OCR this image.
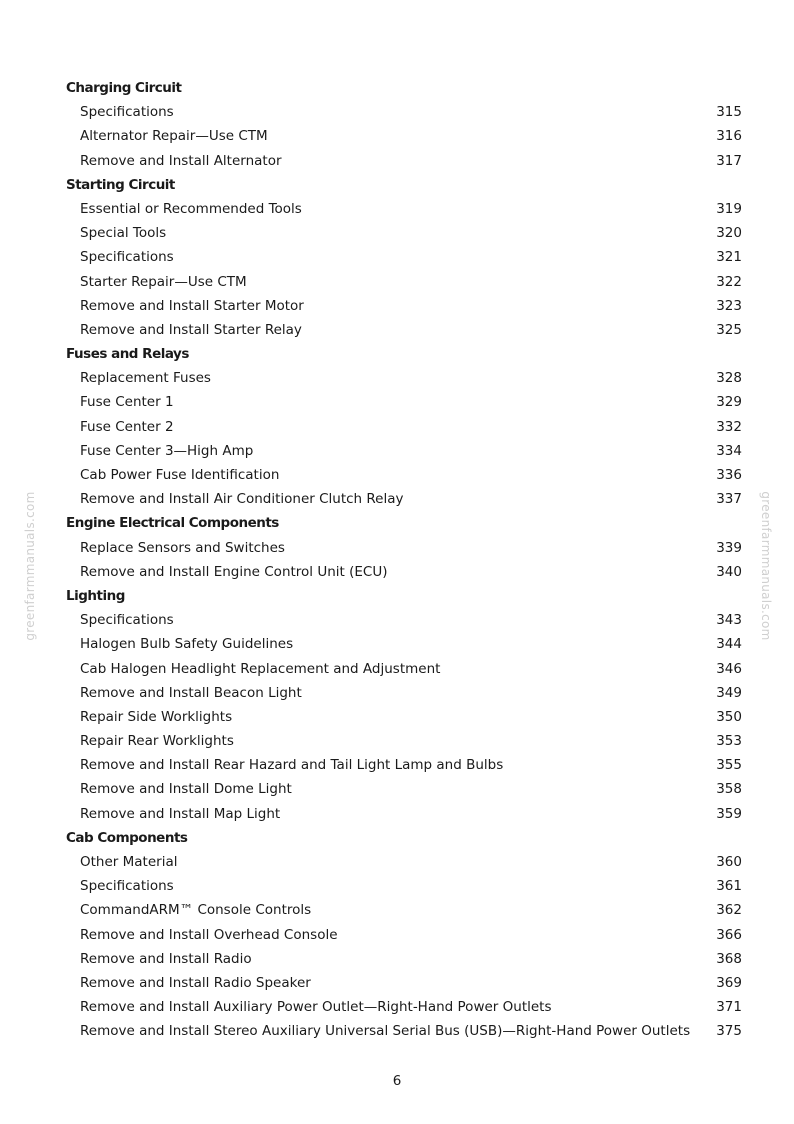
greenfarmmanuals.com	greenfarmmanuals.com
Charging Circuit
Specifications	315
Alternator Repair—Use CTM	316
Remove and Install Alternator	317
Starting Circuit
Essential or Recommended Tools	319
Special Tools	320
Specifications	321
Starter Repair—Use CTM	322
Remove and Install Starter Motor	323
Remove and Install Starter Relay	325
Fuses and Relays
Replacement Fuses	328
Fuse Center 1	329
Fuse Center 2	332
Fuse Center 3—High Amp	334
Cab Power Fuse Identification	336
Remove and Install Air Conditioner Clutch Relay	337
Engine Electrical Components
Replace Sensors and Switches	339
Remove and Install Engine Control Unit (ECU)	340
Lighting
Specifications	343
Halogen Bulb Safety Guidelines	344
Cab Halogen Headlight Replacement and Adjustment	346
Remove and Install Beacon Light	349
Repair Side Worklights	350
Repair Rear Worklights	353
Remove and Install Rear Hazard and Tail Light Lamp and Bulbs	355
Remove and Install Dome Light	358
Remove and Install Map Light	359
Cab Components
Other Material	360
Specifications	361
CommandARM™ Console Controls	362
Remove and Install Overhead Console	366
Remove and Install Radio	368
Remove and Install Radio Speaker	369
Remove and Install Auxiliary Power Outlet—Right-Hand Power Outlets	371
Remove and Install Stereo Auxiliary Universal Serial Bus (USB)—Right-Hand Power Outlets	375
6
